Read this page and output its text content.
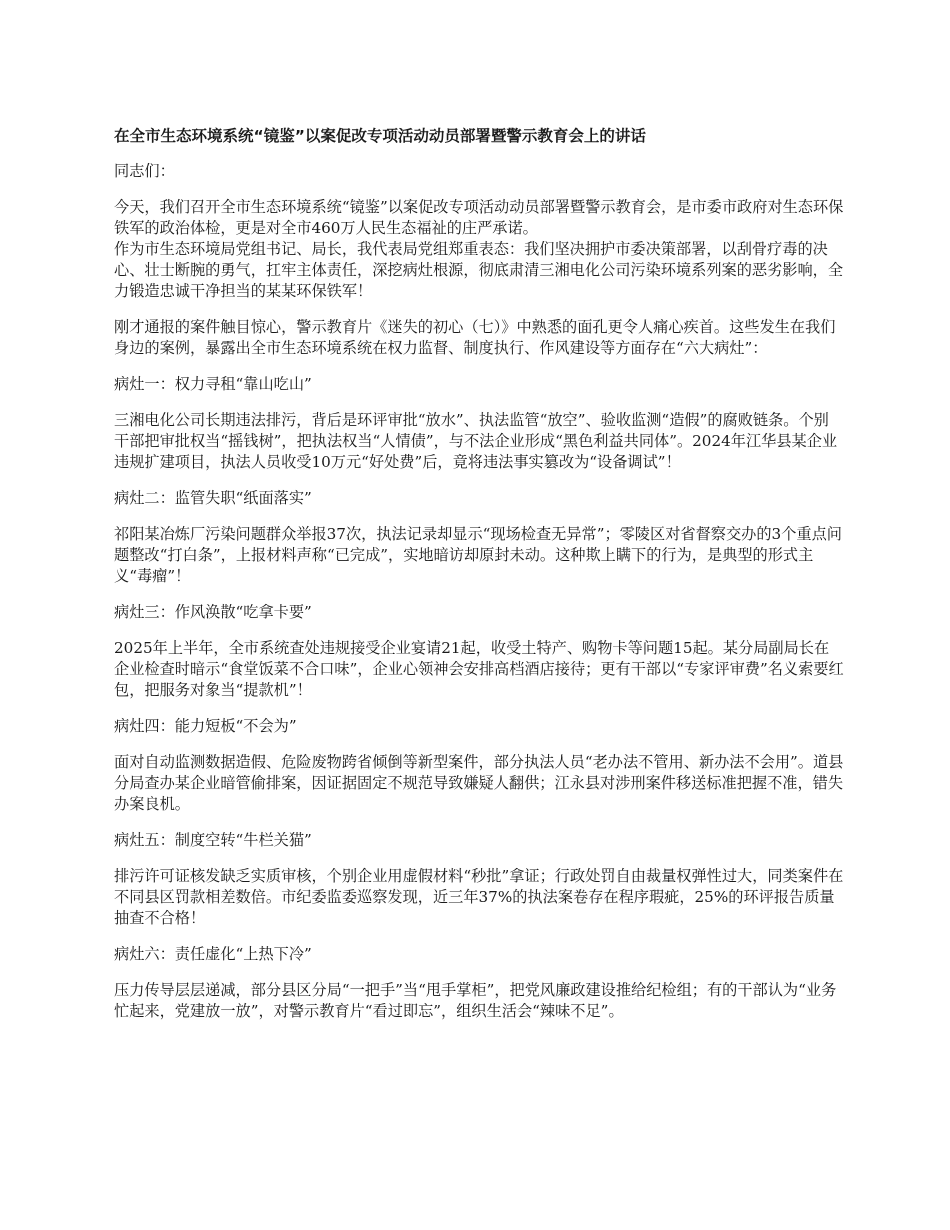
在全市生态环境系统“镜鉴”以案促改专项活动动员部署暨警示教育会上的讲话
同志们：
今天，我们召开全市生态环境系统“镜鉴”以案促改专项活动动员部署暨警示教育会，是市委市政府对生态环保铁军的政治体检，更是对全市460万人民生态福祉的庄严承诺。
作为市生态环境局党组书记、局长，我代表局党组郑重表态：我们坚决拥护市委决策部署，以刮骨疗毒的决心、壮士断腕的勇气，扛牢主体责任，深挖病灶根源，彻底肃清三湘电化公司污染环境系列案的恶劣影响，全力锻造忠诚干净担当的某某环保铁军！
刚才通报的案件触目惊心，警示教育片《迷失的初心（七）》中熟悉的面孔更令人痛心疾首。这些发生在我们身边的案例，暴露出全市生态环境系统在权力监督、制度执行、作风建设等方面存在“六大病灶”：
病灶一：权力寻租“靠山吃山”
三湘电化公司长期违法排污，背后是环评审批“放水”、执法监管“放空”、验收监测“造假”的腐败链条。个别干部把审批权当“摇钱树”，把执法权当“人情债”，与不法企业形成“黑色利益共同体”。2024年江华县某企业违规扩建项目，执法人员收受10万元“好处费”后，竟将违法事实篡改为“设备调试”！
病灶二：监管失职“纸面落实”
祁阳某冶炼厂污染问题群众举报37次，执法记录却显示“现场检查无异常”；零陵区对省督察交办的3个重点问题整改“打白条”，上报材料声称“已完成”，实地暗访却原封未动。这种欺上瞒下的行为，是典型的形式主义“毒瘤”！
病灶三：作风涣散“吃拿卡要”
2025年上半年，全市系统查处违规接受企业宴请21起，收受土特产、购物卡等问题15起。某分局副局长在企业检查时暗示“食堂饭菜不合口味”，企业心领神会安排高档酒店接待；更有干部以“专家评审费”名义索要红包，把服务对象当“提款机”！
病灶四：能力短板“不会为”
面对自动监测数据造假、危险废物跨省倾倒等新型案件，部分执法人员“老办法不管用、新办法不会用”。道县分局查办某企业暗管偷排案，因证据固定不规范导致嫌疑人翻供；江永县对涉刑案件移送标准把握不准，错失办案良机。
病灶五：制度空转“牛栏关猫”
排污许可证核发缺乏实质审核，个别企业用虚假材料“秒批”拿证；行政处罚自由裁量权弹性过大，同类案件在不同县区罚款相差数倍。市纪委监委巡察发现，近三年37%的执法案卷存在程序瑕疵，25%的环评报告质量抽查不合格！
病灶六：责任虚化“上热下冷”
压力传导层层递减，部分县区分局“一把手”当“甩手掌柜”，把党风廉政建设推给纪检组；有的干部认为“业务忙起来，党建放一放”，对警示教育片“看过即忘”，组织生活会“辣味不足”。
